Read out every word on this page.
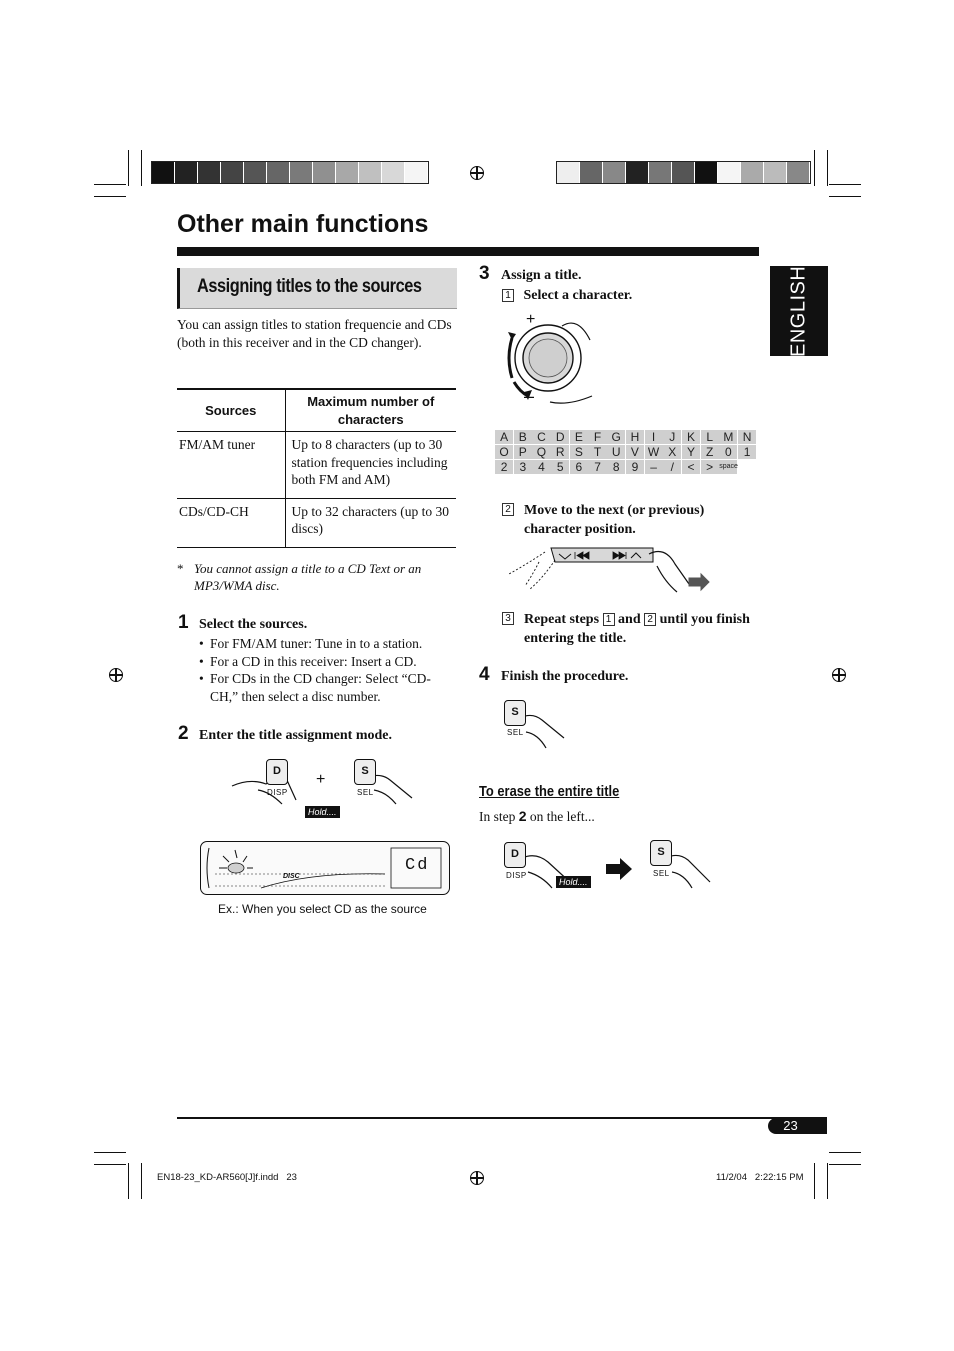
Other main functions
ENGLISH
Assigning titles to the sources
You can assign titles to station frequencie and CDs (both in this receiver and in the CD changer).
Sources	Maximum number of characters
FM/AM tuner	Up to 8 characters (up to 30 station frequencies including both FM and AM)
CDs/CD-CH	Up to 32 characters (up to 30 discs)
* You cannot assign a title to a CD Text or an MP3/WMA disc.
1 Select the sources.
• For FM/AM tuner: Tune in to a station.
• For a CD in this receiver: Insert a CD.
• For CDs in the CD changer: Select “CD-CH,” then select a disc number.
2 Enter the title assignment mode.
D
DISP
+	S
SEL
Hold....
DISC
Cd
Ex.: When you select CD as the source
3 Assign a title.
1 Select a character.
+
–
A B C D E F G H	I	J K L M N
O P Q R S T U V W X Y Z 0	1
2	3	4	5	6	7	8	9	–	/	< > space
2 Move to the next (or previous) character position.
3 Repeat steps 1 and 2 until you finish entering the title.
4 Finish the procedure.
S
SEL
To erase the entire title
In step 2 on the left...
D
DISP
Hold....
S
SEL
23
EN18-23_KD-AR560[J]f.indd   23	11/2/04   2:22:15 PM
